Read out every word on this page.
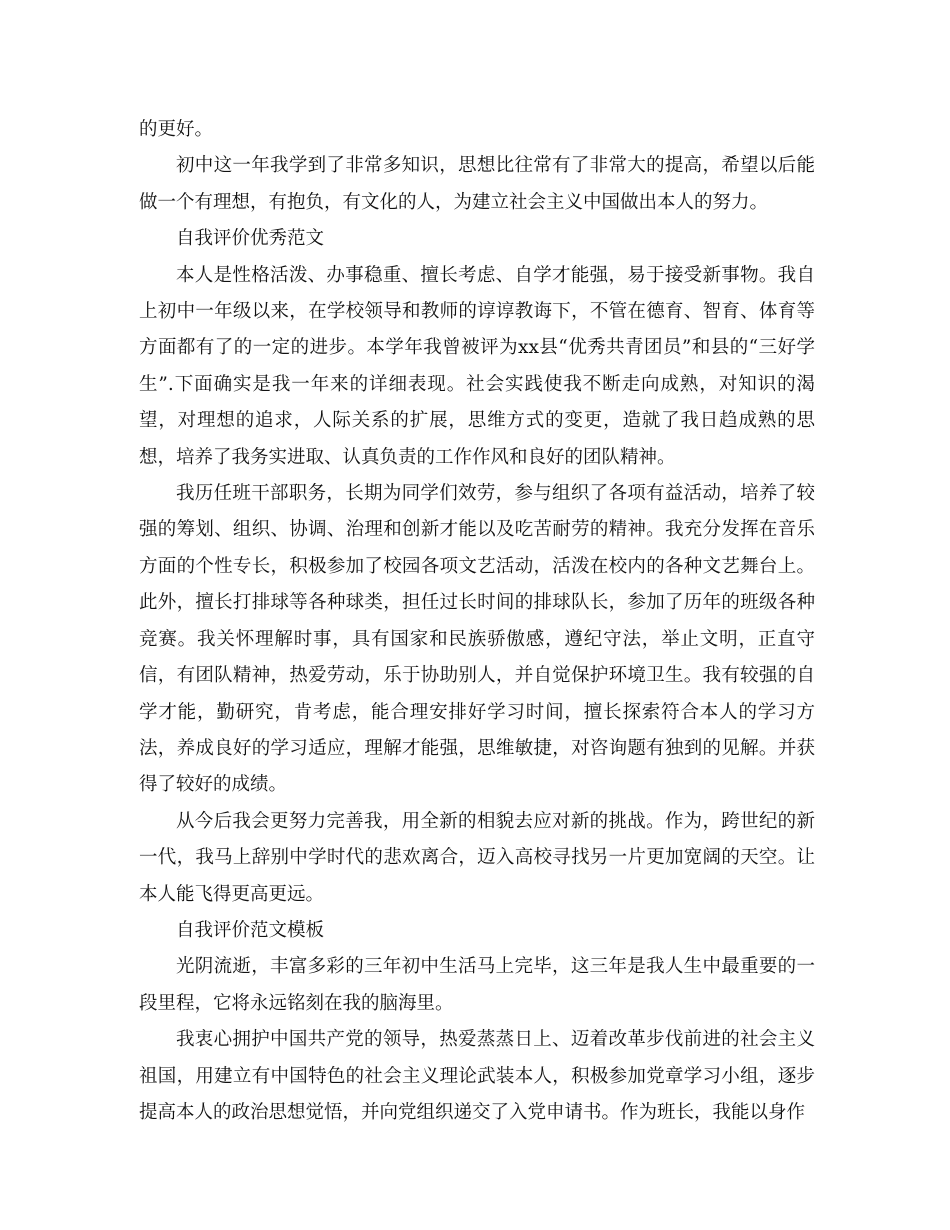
的更好。

初中这一年我学到了非常多知识，思想比往常有了非常大的提高，希望以后能做一个有理想，有抱负，有文化的人，为建立社会主义中国做出本人的努力。

自我评价优秀范文

本人是性格活泼、办事稳重、擅长考虑、自学才能强，易于接受新事物。我自上初中一年级以来，在学校领导和教师的谆谆教诲下，不管在德育、智育、体育等方面都有了的一定的进步。本学年我曾被评为xx县“优秀共青团员”和县的“三好学生”.下面确实是我一年来的详细表现。社会实践使我不断走向成熟，对知识的渴望，对理想的追求，人际关系的扩展，思维方式的变更，造就了我日趋成熟的思想，培养了我务实进取、认真负责的工作作风和良好的团队精神。

我历任班干部职务，长期为同学们效劳，参与组织了各项有益活动，培养了较强的筹划、组织、协调、治理和创新才能以及吃苦耐劳的精神。我充分发挥在音乐方面的个性专长，积极参加了校园各项文艺活动，活泼在校内的各种文艺舞台上。此外，擅长打排球等各种球类，担任过长时间的排球队长，参加了历年的班级各种竞赛。我关怀理解时事，具有国家和民族骄傲感，遵纪守法，举止文明，正直守信，有团队精神，热爱劳动，乐于协助别人，并自觉保护环境卫生。我有较强的自学才能，勤研究，肯考虑，能合理安排好学习时间，擅长探索符合本人的学习方法，养成良好的学习适应，理解才能强，思维敏捷，对咨询题有独到的见解。并获得了较好的成绩。

从今后我会更努力完善我，用全新的相貌去应对新的挑战。作为，跨世纪的新一代，我马上辞别中学时代的悲欢离合，迈入高校寻找另一片更加宽阔的天空。让本人能飞得更高更远。

自我评价范文模板

光阴流逝，丰富多彩的三年初中生活马上完毕，这三年是我人生中最重要的一段里程，它将永远铭刻在我的脑海里。

我衷心拥护中国共产党的领导，热爱蒸蒸日上、迈着改革步伐前进的社会主义祖国，用建立有中国特色的社会主义理论武装本人，积极参加党章学习小组，逐步提高本人的政治思想觉悟，并向党组织递交了入党申请书。作为班长，我能以身作
